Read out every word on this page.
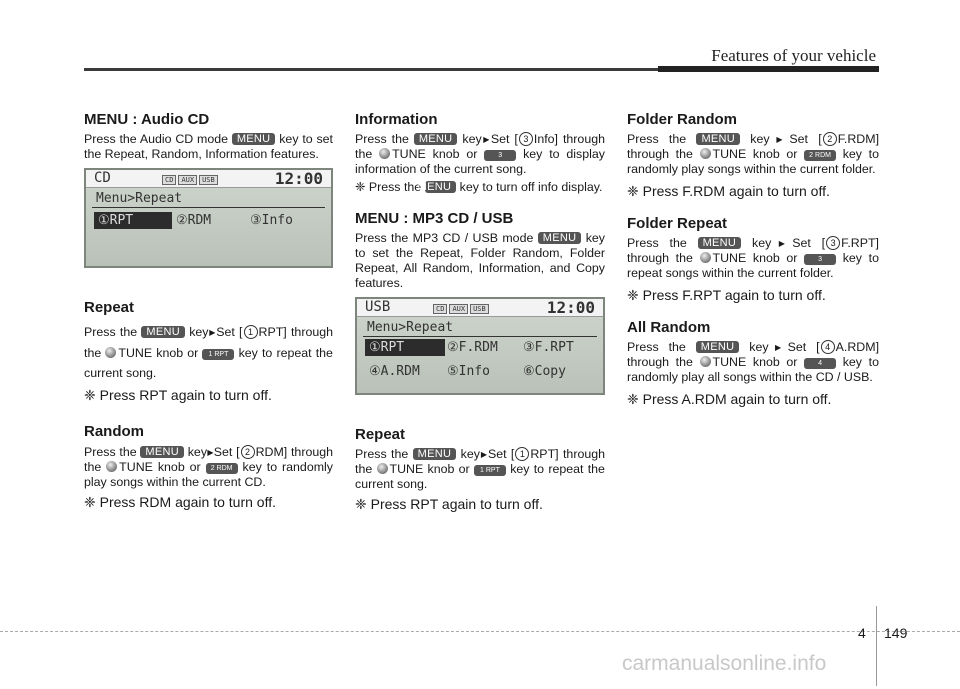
Features of your vehicle
MENU : Audio CD

Press the Audio CD mode MENU key to set the Repeat, Random, Information features.

CD	CD AUX USB	12:00
Menu>Repeat
①RPT	②RDM	③Info
Repeat

Press the MENU key▶Set [ 1 RPT] through the TUNE knob or 1 RPT key to repeat the current song.

❈ Press RPT again to turn off.

Random

Press the MENU key▶Set [ 2 RDM] through the TUNE knob or 2 RDM key to randomly play songs within the current CD.

❈ Press RDM again to turn off.

Information

Press the MENU key▶Set [ 3 Info] through the TUNE knob or	3 key to display information of the current song.

❈ Press the MENU key to turn off info display.

MENU : MP3 CD / USB

Press the MP3 CD / USB mode MENU key to set the Repeat, Folder Random, Folder Repeat, All Random, Information, and Copy features.

USB	CD AUX USB	12:00
Menu>Repeat
①RPT	②F.RDM	③F.RPT
④A.RDM	⑤Info	⑥Copy
Repeat

Press the MENU key▶Set [ 1 RPT] through the TUNE knob or 1 RPT key to repeat the current song.

❈ Press RPT again to turn off.

Folder Random

Press the MENU key▶Set [ 2 F.RDM] through the TUNE knob or 2 RDM key to randomly play songs within the current folder.

❈ Press F.RDM again to turn off.

Folder Repeat

Press the MENU key▶Set [ 3 F.RPT] through the TUNE knob or	3 key to repeat songs within the current folder.

❈ Press F.RPT again to turn off.

All Random

Press the MENU key▶Set [ 4 A.RDM] through the TUNE knob or	4 key to randomly play all songs within the CD / USB.

❈ Press A.RDM again to turn off.

4 149
carmanualsonline.info
